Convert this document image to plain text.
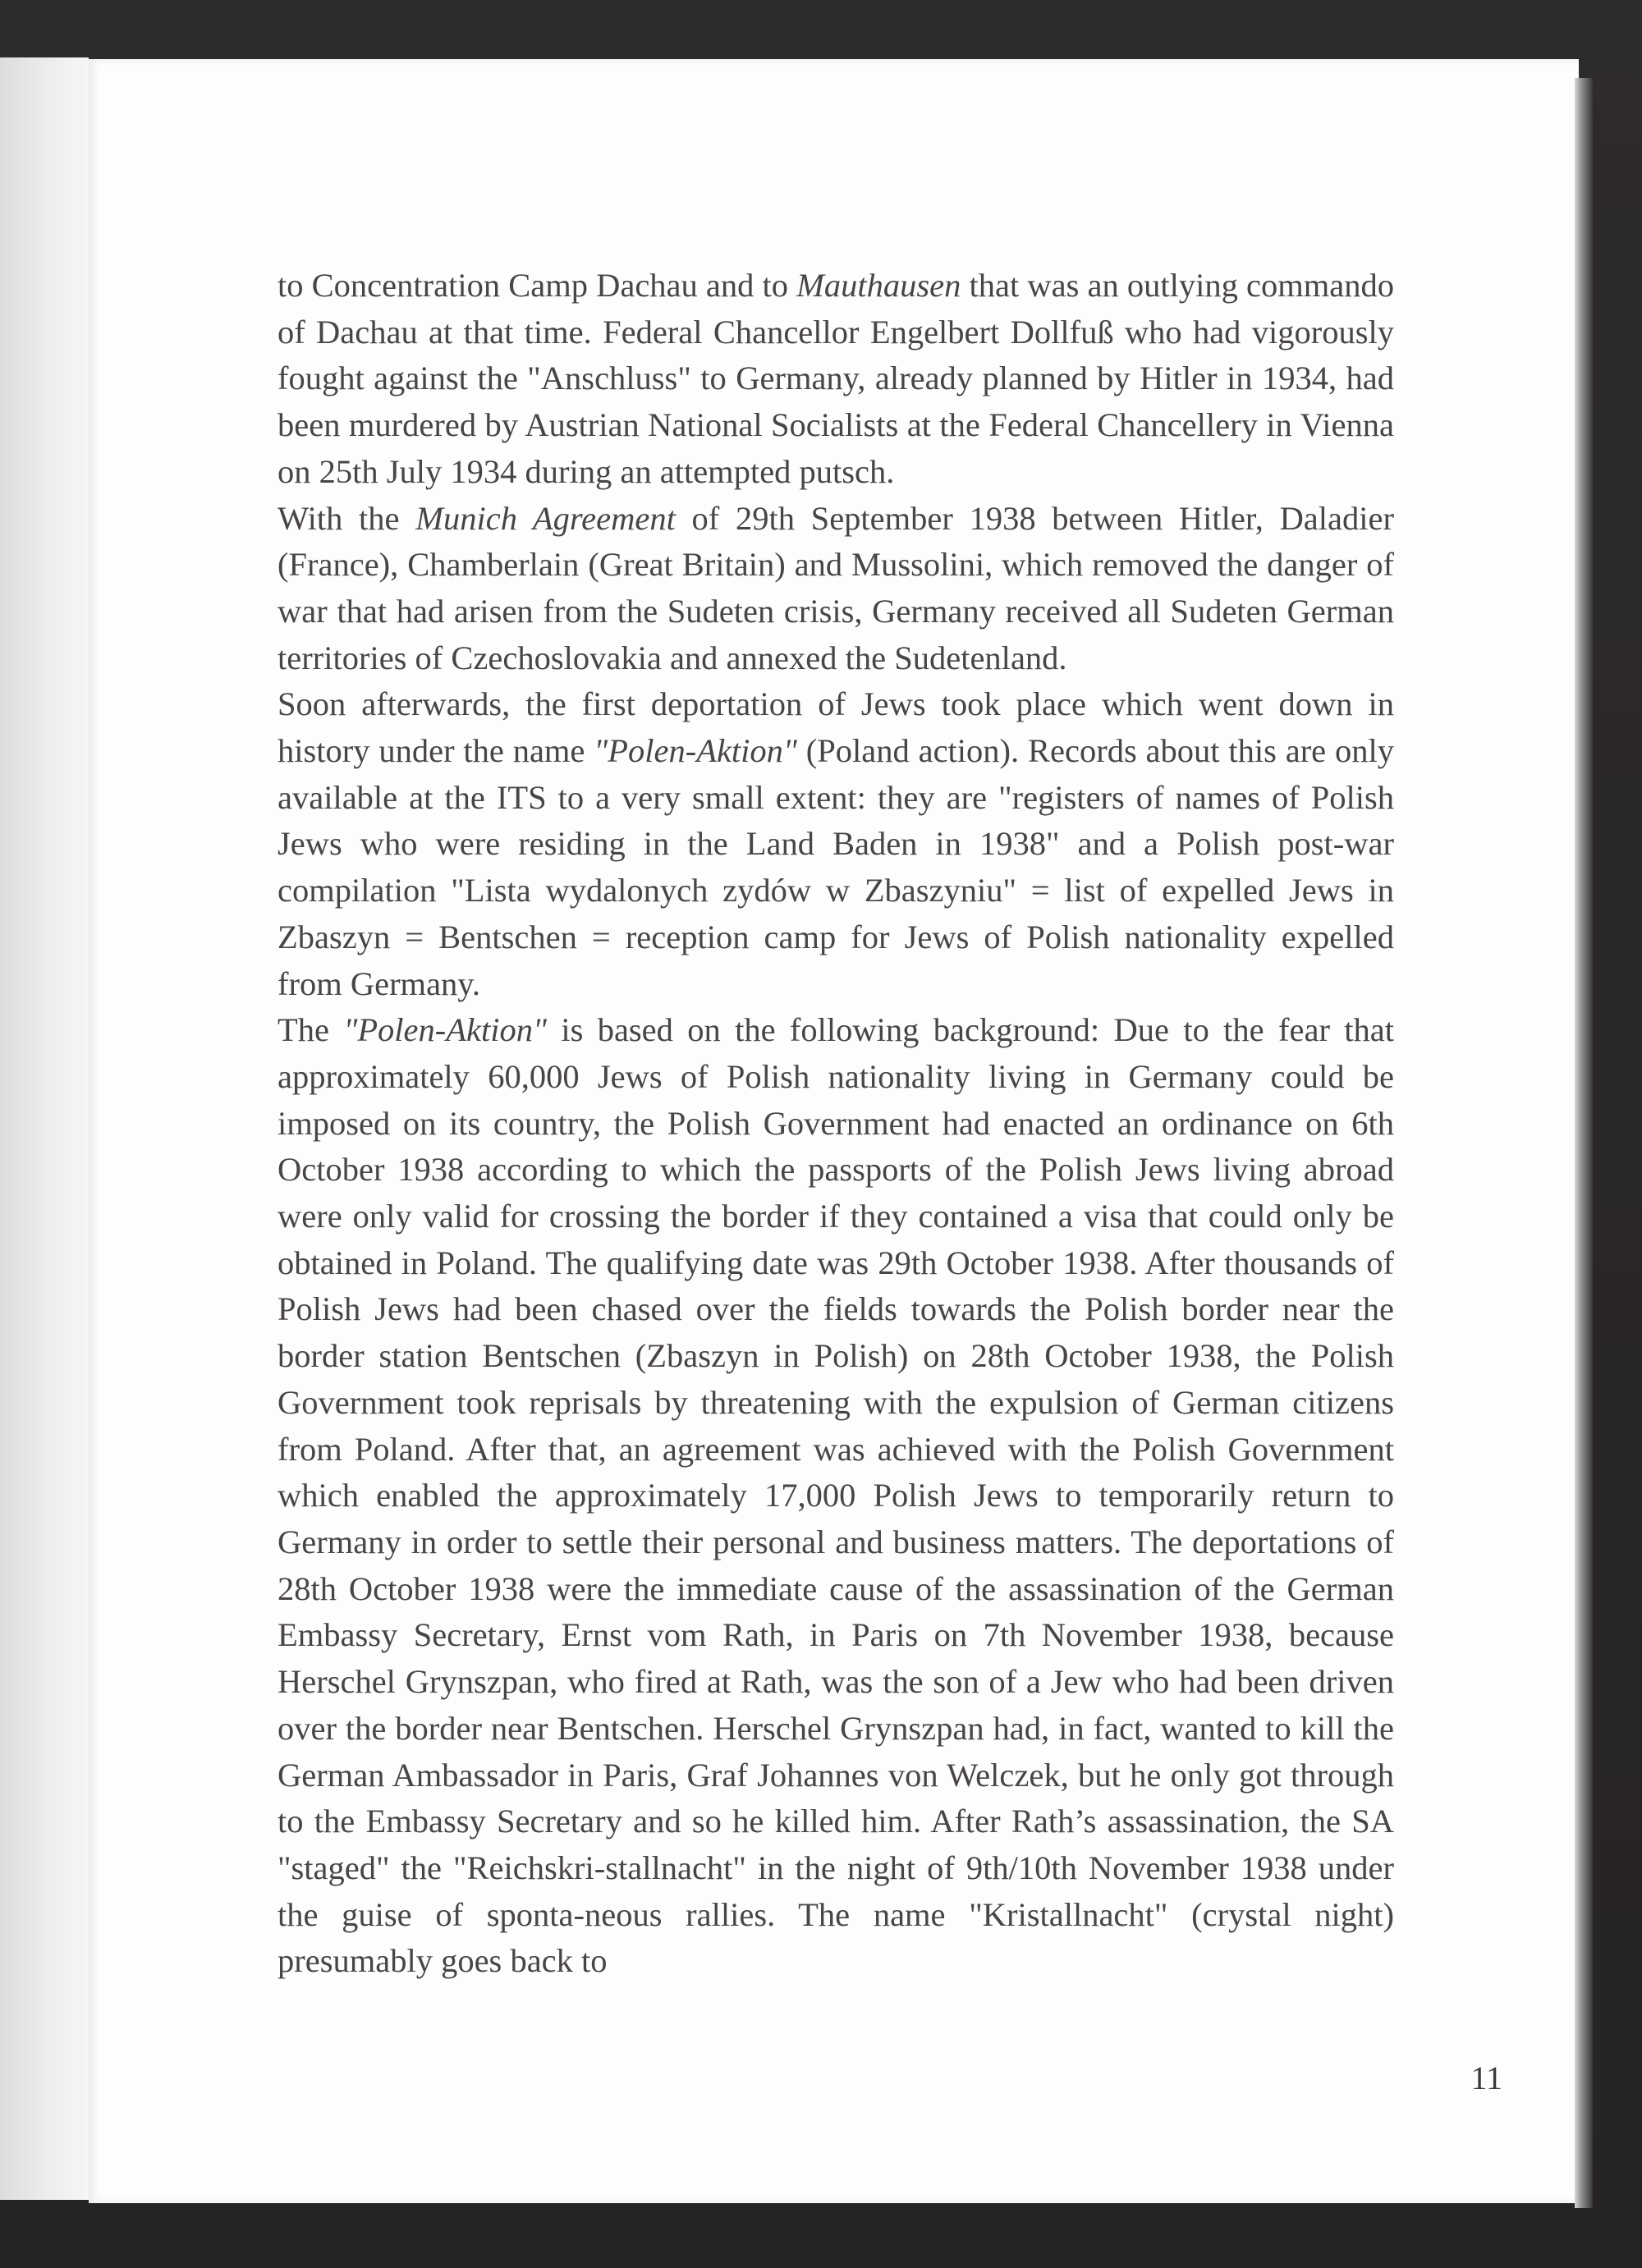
to Concentration Camp Dachau and to Mauthausen that was an outlying commando of Dachau at that time. Federal Chancellor Engelbert Dollfuß who had vigorously fought against the "Anschluss" to Germany, already planned by Hitler in 1934, had been murdered by Austrian National Socialists at the Federal Chancellery in Vienna on 25th July 1934 during an attempted putsch.

With the Munich Agreement of 29th September 1938 between Hitler, Daladier (France), Chamberlain (Great Britain) and Mussolini, which removed the danger of war that had arisen from the Sudeten crisis, Germany received all Sudeten German territories of Czechoslovakia and annexed the Sudetenland.

Soon afterwards, the first deportation of Jews took place which went down in history under the name "Polen-Aktion" (Poland action). Records about this are only available at the ITS to a very small extent: they are "registers of names of Polish Jews who were residing in the Land Baden in 1938" and a Polish post-war compilation "Lista wydalonych zydów w Zbaszyniu" = list of expelled Jews in Zbaszyn = Bentschen = reception camp for Jews of Polish nationality expelled from Germany.

The "Polen-Aktion" is based on the following background: Due to the fear that approximately 60,000 Jews of Polish nationality living in Germany could be imposed on its country, the Polish Government had enacted an ordinance on 6th October 1938 according to which the passports of the Polish Jews living abroad were only valid for crossing the border if they contained a visa that could only be obtained in Poland. The qualifying date was 29th October 1938. After thousands of Polish Jews had been chased over the fields towards the Polish border near the border station Bentschen (Zbaszyn in Polish) on 28th October 1938, the Polish Government took reprisals by threatening with the expulsion of German citizens from Poland. After that, an agreement was achieved with the Polish Government which enabled the approximately 17,000 Polish Jews to temporarily return to Germany in order to settle their personal and business matters. The deportations of 28th October 1938 were the immediate cause of the assassination of the German Embassy Secretary, Ernst vom Rath, in Paris on 7th November 1938, because Herschel Grynszpan, who fired at Rath, was the son of a Jew who had been driven over the border near Bentschen. Herschel Grynszpan had, in fact, wanted to kill the German Ambassador in Paris, Graf Johannes von Welczek, but he only got through to the Embassy Secretary and so he killed him. After Rath’s assassination, the SA "staged" the "Reichskri-stallnacht" in the night of 9th/10th November 1938 under the guise of sponta-neous rallies. The name "Kristallnacht" (crystal night) presumably goes back to

11
